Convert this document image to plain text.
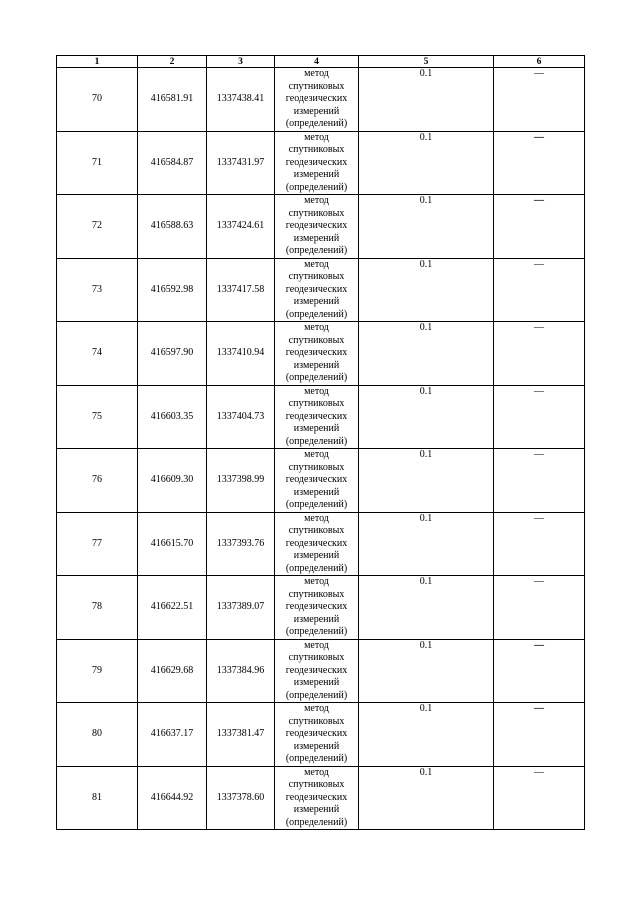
1	2	3	4	5	6
70	416581.91	1337438.41	метод
спутниковых
геодезических
измерений
(определений)	0.1	—
71	416584.87	1337431.97	метод
спутниковых
геодезических
измерений
(определений)	0.1	—
72	416588.63	1337424.61	метод
спутниковых
геодезических
измерений
(определений)	0.1	—
73	416592.98	1337417.58	метод
спутниковых
геодезических
измерений
(определений)	0.1	—
74	416597.90	1337410.94	метод
спутниковых
геодезических
измерений
(определений)	0.1	—
75	416603.35	1337404.73	метод
спутниковых
геодезических
измерений
(определений)	0.1	—
76	416609.30	1337398.99	метод
спутниковых
геодезических
измерений
(определений)	0.1	—
77	416615.70	1337393.76	метод
спутниковых
геодезических
измерений
(определений)	0.1	—
78	416622.51	1337389.07	метод
спутниковых
геодезических
измерений
(определений)	0.1	—
79	416629.68	1337384.96	метод
спутниковых
геодезических
измерений
(определений)	0.1	—
80	416637.17	1337381.47	метод
спутниковых
геодезических
измерений
(определений)	0.1	—
81	416644.92	1337378.60	метод
спутниковых
геодезических
измерений
(определений)	0.1	—
